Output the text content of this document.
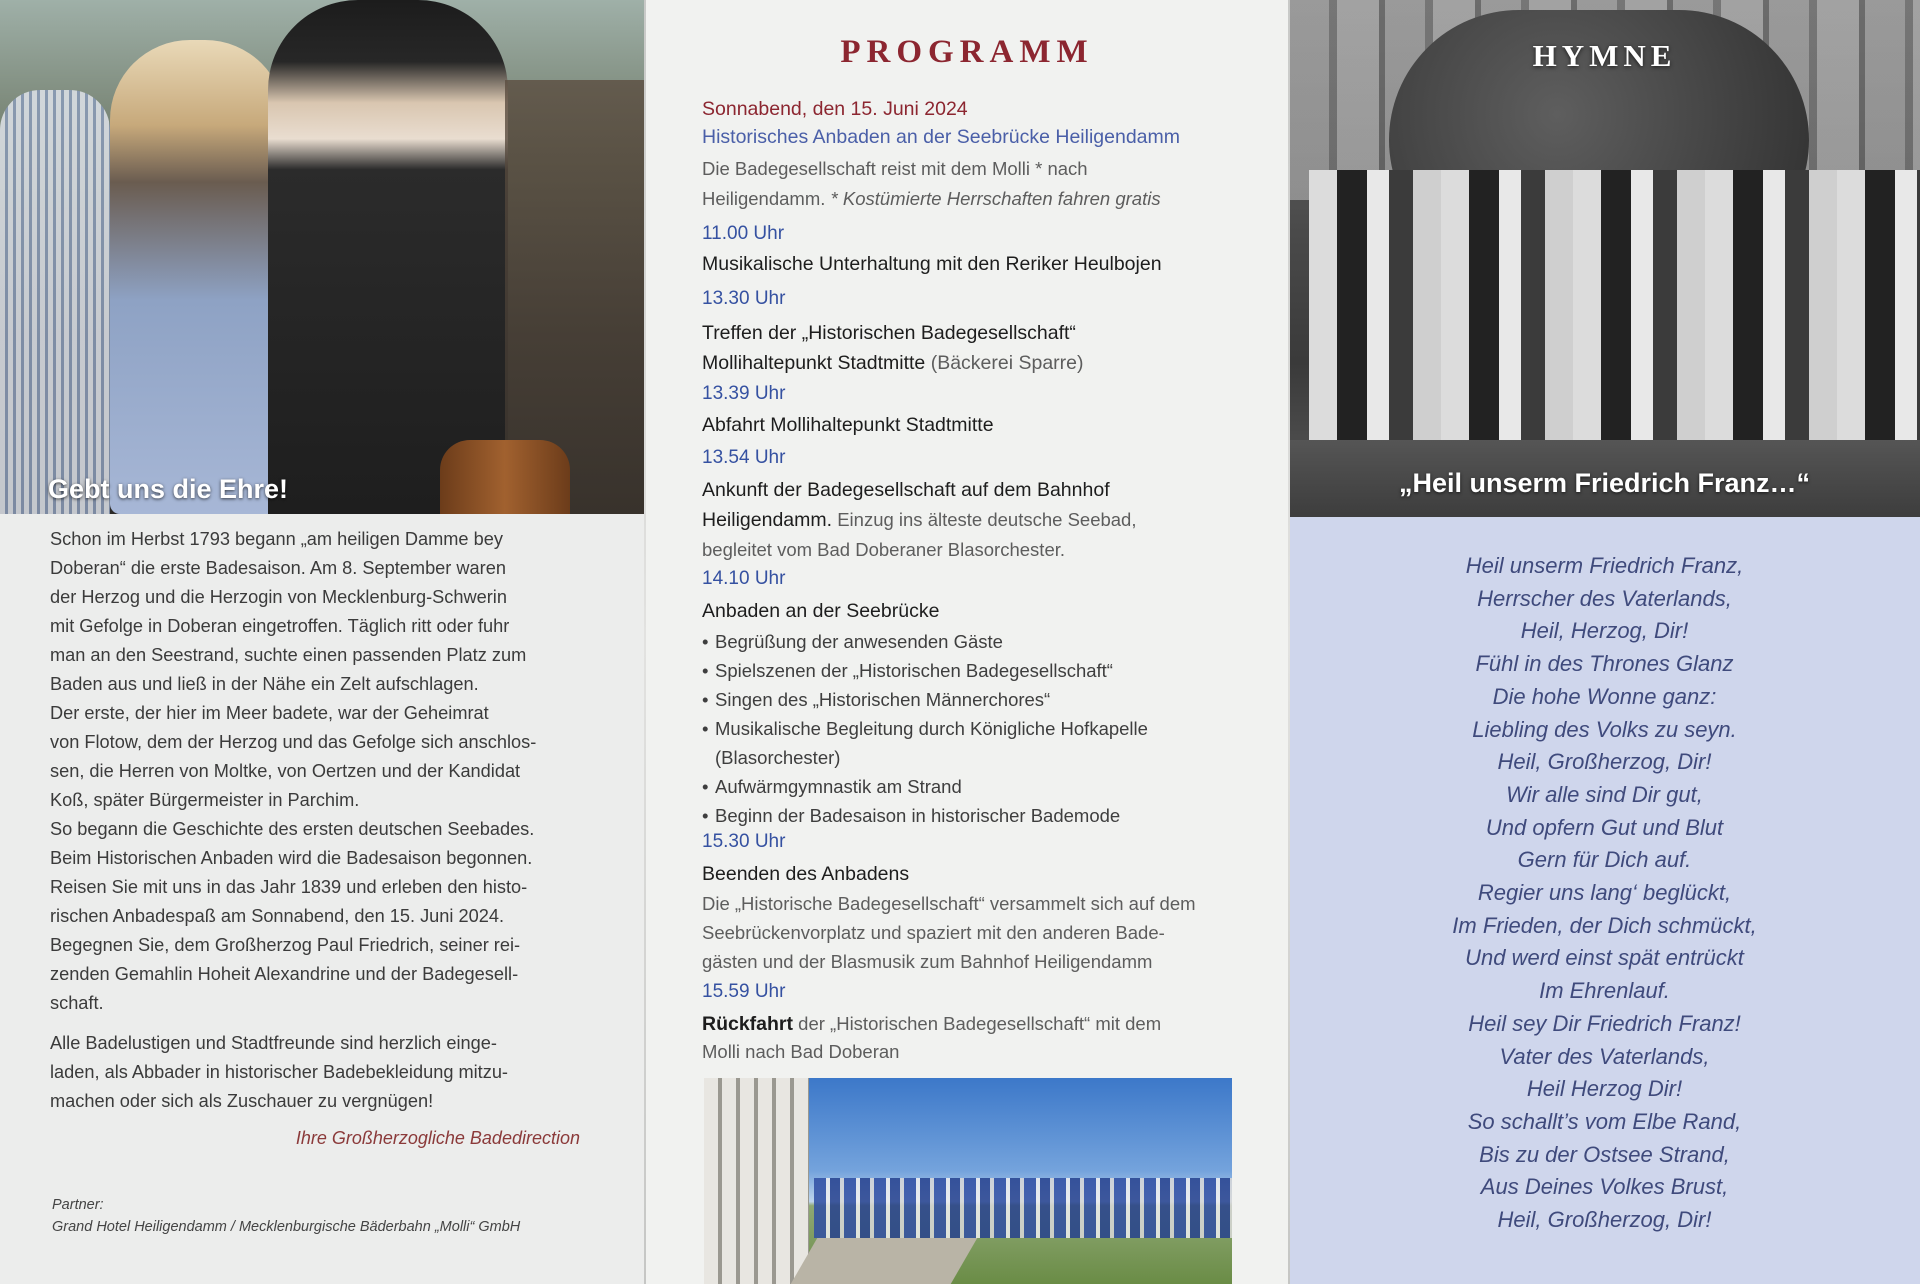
Gebt uns die Ehre!

Schon im Herbst 1793 begann „am heiligen Damme bey

Doberan“ die erste Badesaison. Am 8. September waren

der Herzog und die Herzogin von Mecklenburg-Schwerin

mit Gefolge in Doberan eingetroffen. Täglich ritt oder fuhr

man an den Seestrand, suchte einen passenden Platz zum

Baden aus und ließ in der Nähe ein Zelt aufschlagen.

Der erste, der hier im Meer badete, war der Geheimrat

von Flotow, dem der Herzog und das Gefolge sich anschlos-

sen, die Herren von Moltke, von Oertzen und der Kandidat

Koß, später Bürgermeister in Parchim.

So begann die Geschichte des ersten deutschen Seebades.

Beim Historischen Anbaden wird die Badesaison begonnen.

Reisen Sie mit uns in das Jahr 1839 und erleben den histo-

rischen Anbadespaß am Sonnabend, den 15. Juni 2024.

Begegnen Sie, dem Großherzog Paul Friedrich, seiner rei-

zenden Gemahlin Hoheit Alexandrine und der Badegesell-

schaft.

Alle Badelustigen und Stadtfreunde sind herzlich einge-

laden, als Abbader in historischer Badebekleidung mitzu-

machen oder sich als Zuschauer zu vergnügen!

Ihre Großherzogliche Badedirection
Partner:
Grand Hotel Heiligendamm / Mecklenburgische Bäderbahn „Molli“ GmbH
PROGRAMM
Sonnabend, den 15. Juni 2024
Historisches Anbaden an der Seebrücke Heiligendamm
Die Badegesellschaft reist mit dem Molli * nach
Heiligendamm. * Kostümierte Herrschaften fahren gratis
11.00 Uhr
Musikalische Unterhaltung mit den Reriker Heulbojen
13.30 Uhr
Treffen der „Historischen Badegesellschaft“
Mollihaltepunkt Stadtmitte (Bäckerei Sparre)
13.39 Uhr
Abfahrt Mollihaltepunkt Stadtmitte
13.54 Uhr
Ankunft der Badegesellschaft auf dem Bahnhof
Heiligendamm. Einzug ins älteste deutsche Seebad,
begleitet vom Bad Doberaner Blasorchester.
14.10 Uhr
Anbaden an der Seebrücke
• Begrüßung der anwesenden Gäste
• Spielszenen der „Historischen Badegesellschaft“
• Singen des „Historischen Männerchores“
• Musikalische Begleitung durch Königliche Hofkapelle
(Blasorchester)
• Aufwärmgymnastik am Strand
• Beginn der Badesaison in historischer Bademode
15.30 Uhr
Beenden des Anbadens
Die „Historische Badegesellschaft“ versammelt sich auf dem
Seebrückenvorplatz und spaziert mit den anderen Bade-
gästen und der Blasmusik zum Bahnhof Heiligendamm
15.59 Uhr
Rückfahrt der „Historischen Badegesellschaft“ mit dem
Molli nach Bad Doberan
HYMNE
„Heil unserm Friedrich Franz…“
Heil unserm Friedrich Franz,
Herrscher des Vaterlands,
Heil, Herzog, Dir!
Fühl in des Thrones Glanz
Die hohe Wonne ganz:
Liebling des Volks zu seyn.
Heil, Großherzog, Dir!
Wir alle sind Dir gut,
Und opfern Gut und Blut
Gern für Dich auf.
Regier uns lang‘ beglückt,
Im Frieden, der Dich schmückt,
Und werd einst spät entrückt
Im Ehrenlauf.
Heil sey Dir Friedrich Franz!
Vater des Vaterlands,
Heil Herzog Dir!
So schallt’s vom Elbe Rand,
Bis zu der Ostsee Strand,
Aus Deines Volkes Brust,
Heil, Großherzog, Dir!
